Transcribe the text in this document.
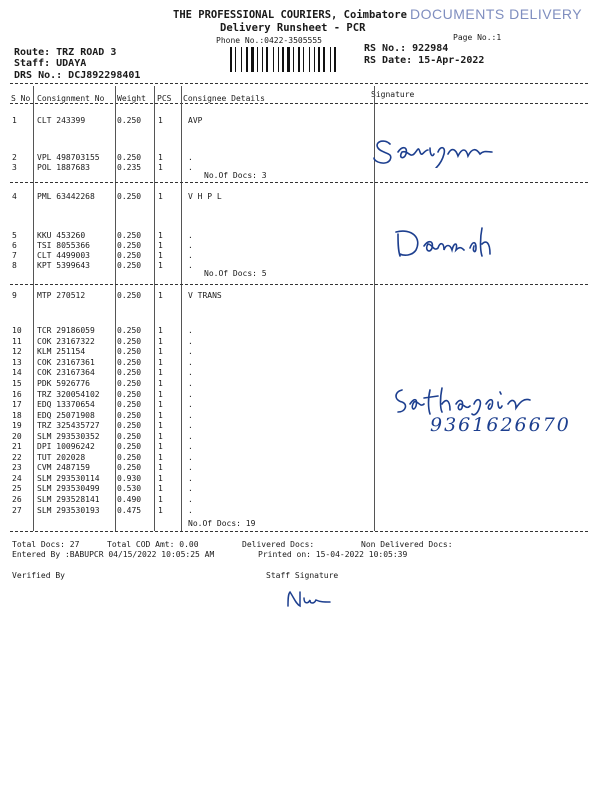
THE PROFESSIONAL COURIERS, Coimbatore DOCUMENTS DELIVERY
Delivery Runsheet - PCR
Page No.:1
Phone No.:0422-3505555
Route: TRZ ROAD 3
Staff: UDAYA
DRS No.: DCJ892298401
RS No.: 922984
RS Date: 15-Apr-2022
S No Consignment No Weight PCS Consignee Details	Signature
1	CLT 243399	0.250 1	AVP
2	VPL 498703155 0.250 1	.
3	POL 1887683	0.235 1	.
4	PML 63442268	0.250 1	V H P L
5	KKU 453260	0.250 1	.
6	TSI 8055366	0.250 1	.
7	CLT 4499003	0.250 1	.
8	KPT 5399643	0.250 1	.
9	MTP 270512	0.250 1	V TRANS
10 TCR 29186059	0.250 1	.
11 COK 23167322	0.250 1	.
12 KLM 251154	0.250 1	.
13 COK 23167361	0.250 1	.
14 COK 23167364	0.250 1	.
15 PDK 5926776	0.250 1	.
16 TRZ 320054102 0.250 1	.
17 EDQ 13370654	0.250 1	.
18 EDQ 25071908	0.250 1	.
19 TRZ 325435727 0.250 1	.
20 SLM 293530352 0.250 1	.
21 DPI 10096242	0.250 1	.
22 TUT 202028	0.250 1	.
23 CVM 2487159	0.250 1	.
24 SLM 293530114 0.930 1	.
25 SLM 293530499 0.530 1	.
26 SLM 293528141 0.490 1	.
27 SLM 293530193 0.475 1	.
No.Of Docs: 3
No.Of Docs: 5
No.Of Docs: 19
9361626670
Total Docs: 27	Total COD Amt: 0.00	Delivered Docs:	Non Delivered Docs:
Entered By :BABUPCR 04/15/2022 10:05:25 AM	Printed on: 15-04-2022 10:05:39
Verified By	Staff Signature
